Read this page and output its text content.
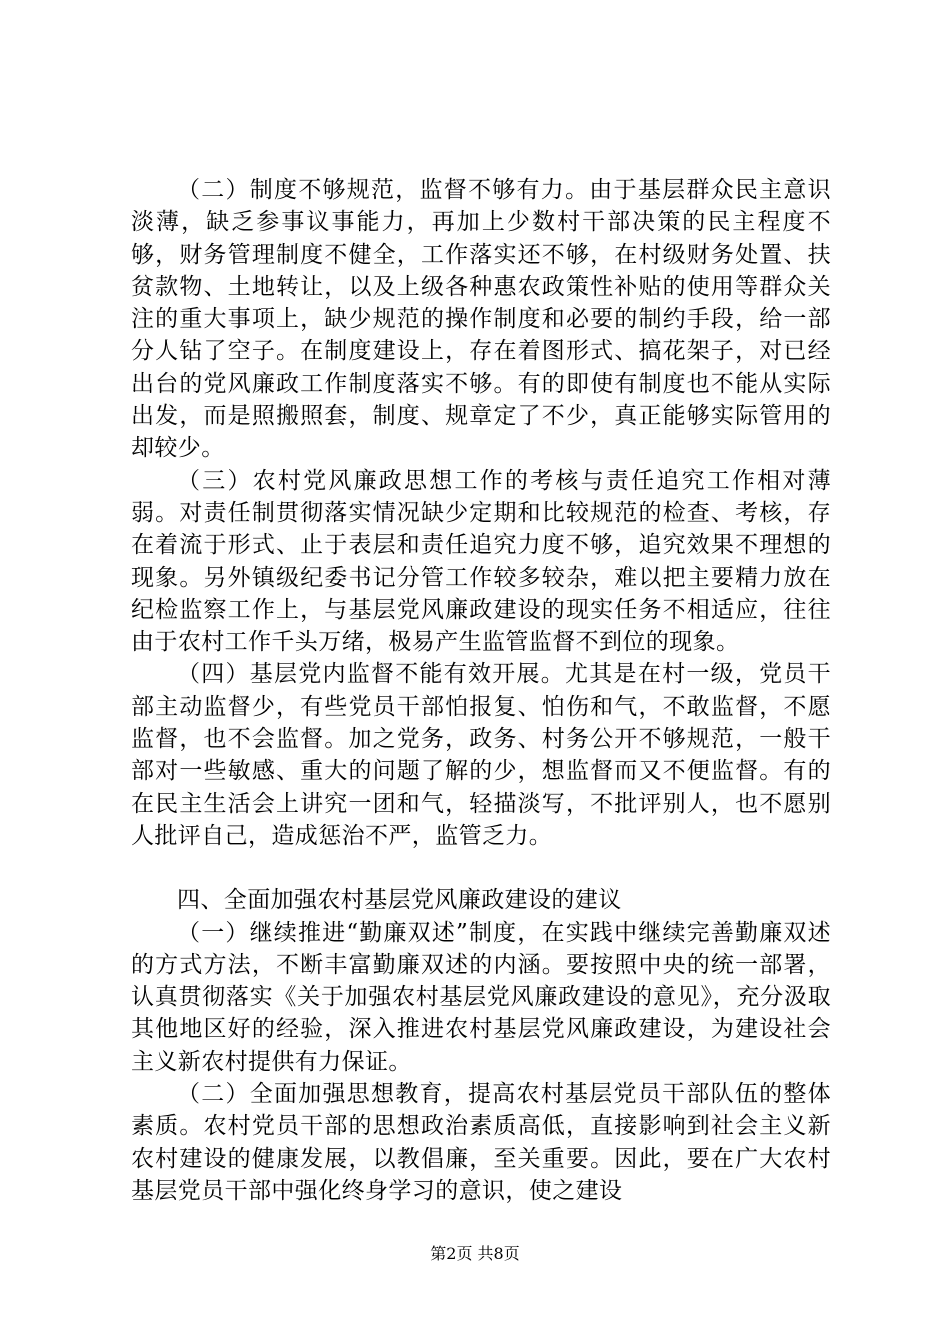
（二）制度不够规范，监督不够有力。由于基层群众民主意识淡薄，缺乏参事议事能力，再加上少数村干部决策的民主程度不够，财务管理制度不健全，工作落实还不够，在村级财务处置、扶贫款物、土地转让，以及上级各种惠农政策性补贴的使用等群众关注的重大事项上，缺少规范的操作制度和必要的制约手段，给一部分人钻了空子。在制度建设上，存在着图形式、搞花架子，对已经出台的党风廉政工作制度落实不够。有的即使有制度也不能从实际出发，而是照搬照套，制度、规章定了不少，真正能够实际管用的却较少。

（三）农村党风廉政思想工作的考核与责任追究工作相对薄弱。对责任制贯彻落实情况缺少定期和比较规范的检查、考核，存在着流于形式、止于表层和责任追究力度不够，追究效果不理想的现象。另外镇级纪委书记分管工作较多较杂，难以把主要精力放在纪检监察工作上，与基层党风廉政建设的现实任务不相适应，往往由于农村工作千头万绪，极易产生监管监督不到位的现象。

（四）基层党内监督不能有效开展。尤其是在村一级，党员干部主动监督少，有些党员干部怕报复、怕伤和气，不敢监督，不愿监督，也不会监督。加之党务，政务、村务公开不够规范，一般干部对一些敏感、重大的问题了解的少，想监督而又不便监督。有的在民主生活会上讲究一团和气，轻描淡写，不批评别人，也不愿别人批评自己，造成惩治不严，监管乏力。

四、全面加强农村基层党风廉政建设的建议

（一）继续推进“勤廉双述”制度，在实践中继续完善勤廉双述的方式方法，不断丰富勤廉双述的内涵。要按照中央的统一部署，认真贯彻落实《关于加强农村基层党风廉政建设的意见》，充分汲取其他地区好的经验，深入推进农村基层党风廉政建设，为建设社会主义新农村提供有力保证。

（二）全面加强思想教育，提高农村基层党员干部队伍的整体素质。农村党员干部的思想政治素质高低，直接影响到社会主义新农村建设的健康发展，以教倡廉，至关重要。因此，要在广大农村基层党员干部中强化终身学习的意识，使之建设

第2页 共8页
